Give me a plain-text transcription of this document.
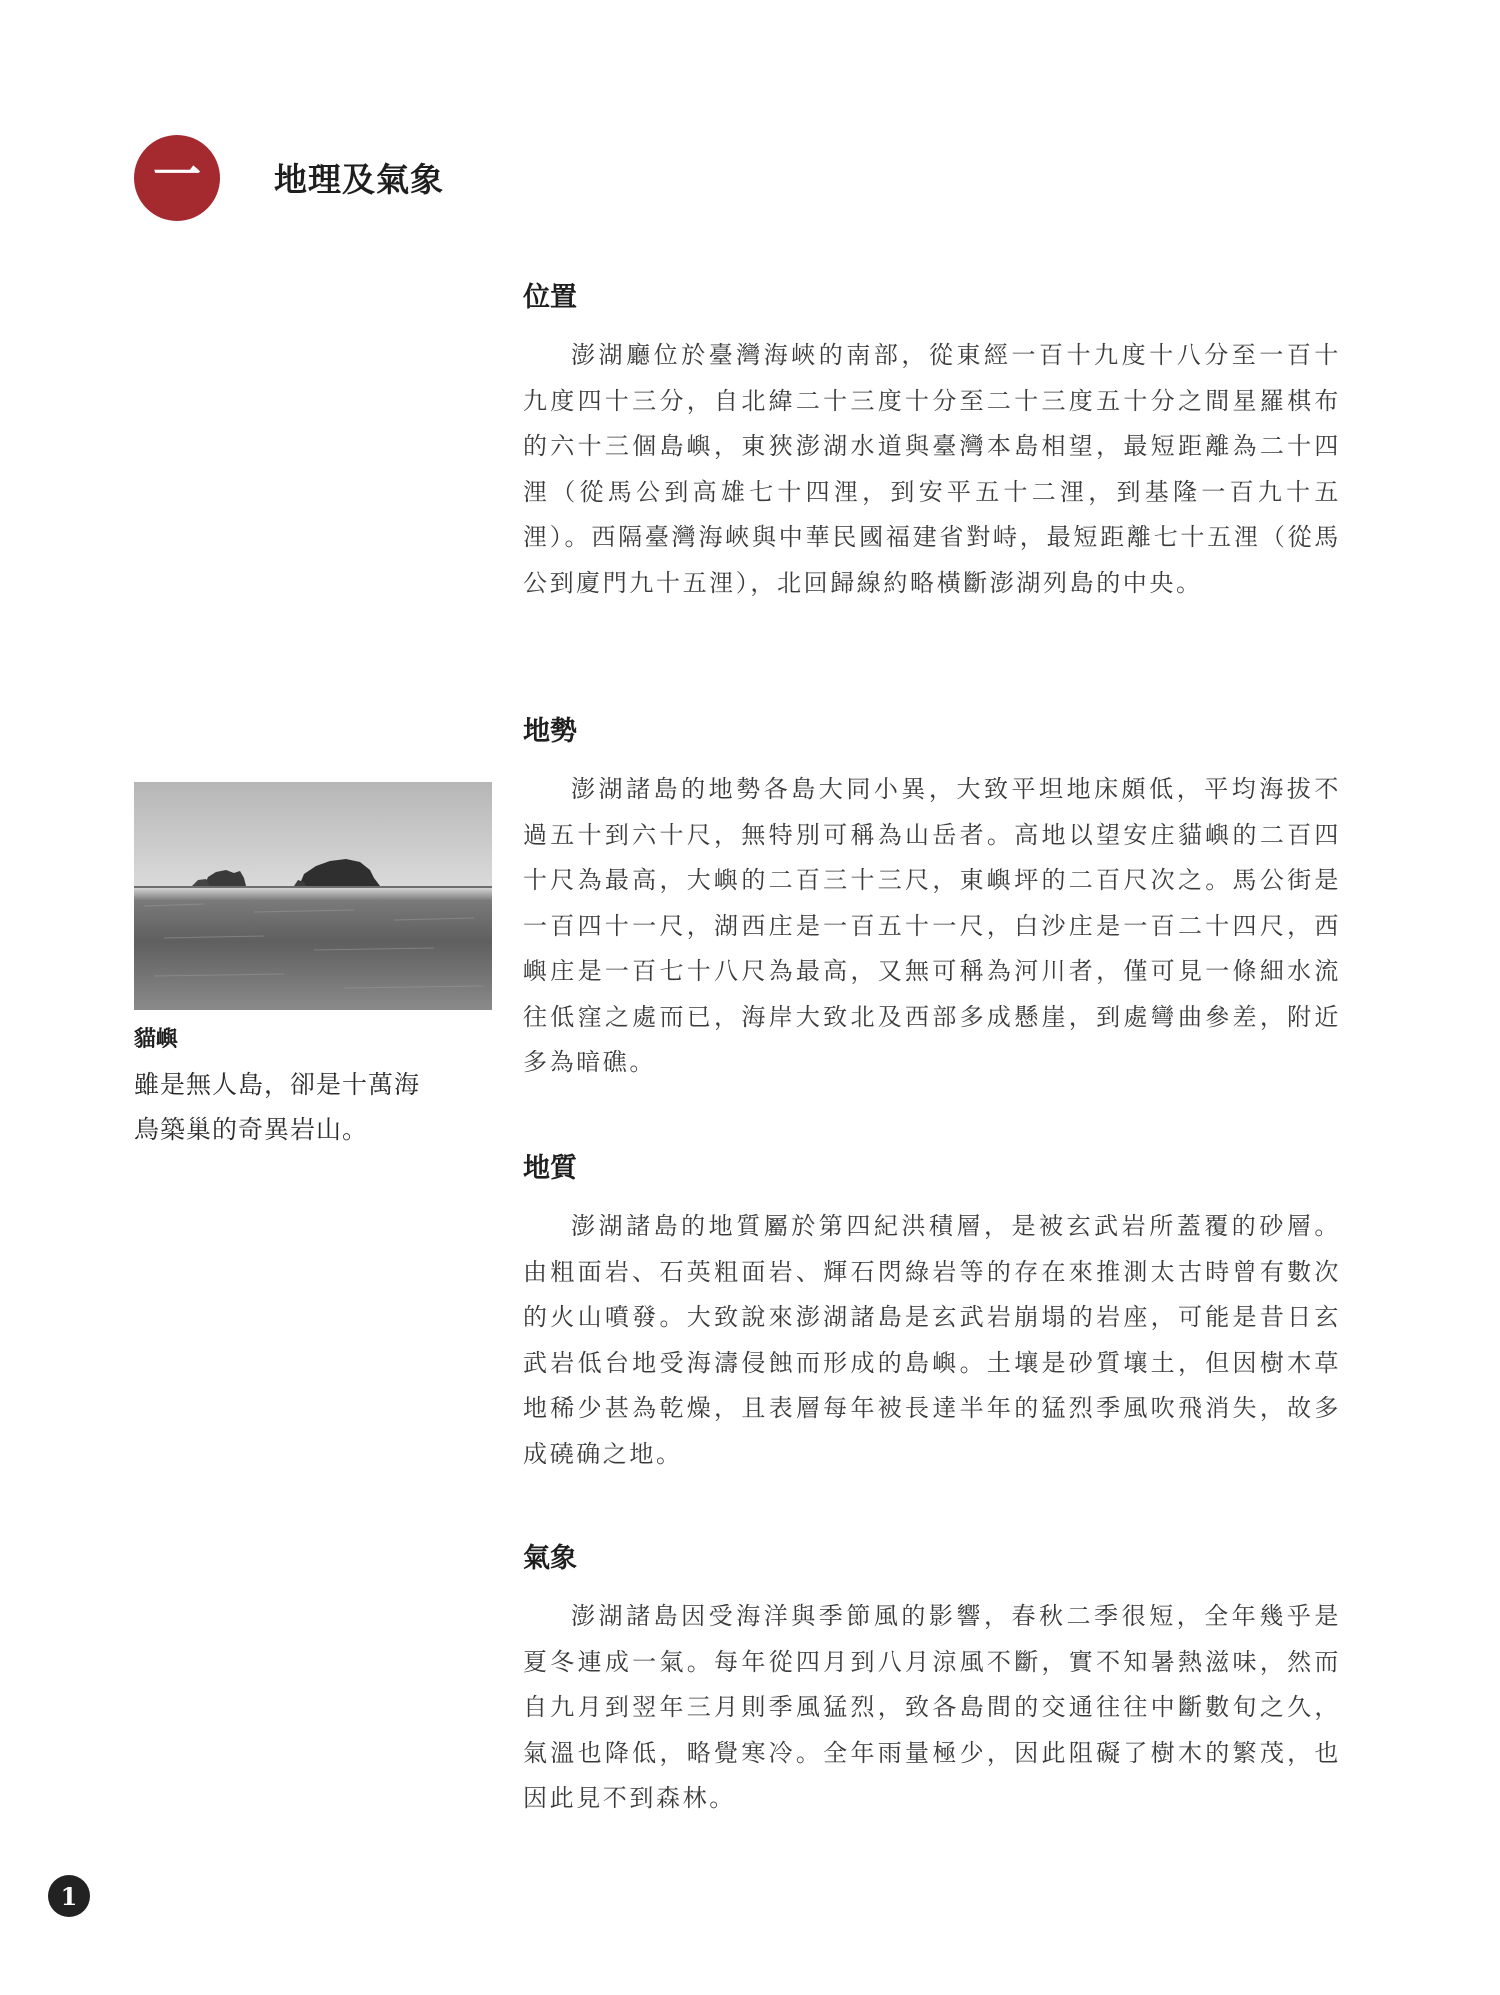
一 地理及氣象
位置

澎湖廳位於臺灣海峽的南部，從東經一百十九度十八分至一百十九度四十三分，自北緯二十三度十分至二十三度五十分之間星羅棋布的六十三個島嶼，東狹澎湖水道與臺灣本島相望，最短距離為二十四浬（從馬公到高雄七十四浬，到安平五十二浬，到基隆一百九十五浬）。西隔臺灣海峽與中華民國福建省對峙，最短距離七十五浬（從馬公到廈門九十五浬），北回歸線約略橫斷澎湖列島的中央。

地勢

澎湖諸島的地勢各島大同小異，大致平坦地床頗低，平均海拔不過五十到六十尺，無特別可稱為山岳者。高地以望安庄貓嶼的二百四十尺為最高，大嶼的二百三十三尺，東嶼坪的二百尺次之。馬公街是一百四十一尺，湖西庄是一百五十一尺，白沙庄是一百二十四尺，西嶼庄是一百七十八尺為最高，又無可稱為河川者，僅可見一條細水流往低窪之處而已，海岸大致北及西部多成懸崖，到處彎曲參差，附近多為暗礁。

地質

澎湖諸島的地質屬於第四紀洪積層，是被玄武岩所蓋覆的砂層。由粗面岩、石英粗面岩、輝石閃綠岩等的存在來推測太古時曾有數次的火山噴發。大致說來澎湖諸島是玄武岩崩塌的岩座，可能是昔日玄武岩低台地受海濤侵蝕而形成的島嶼。土壤是砂質壤土，但因樹木草地稀少甚為乾燥，且表層每年被長達半年的猛烈季風吹飛消失，故多成磽确之地。

氣象

澎湖諸島因受海洋與季節風的影響，春秋二季很短，全年幾乎是夏冬連成一氣。每年從四月到八月涼風不斷，實不知暑熱滋味，然而自九月到翌年三月則季風猛烈，致各島間的交通往往中斷數旬之久，氣溫也降低，略覺寒冷。全年雨量極少，因此阻礙了樹木的繁茂，也因此見不到森林。

貓嶼
雖是無人島，卻是十萬海鳥築巢的奇異岩山。
1
